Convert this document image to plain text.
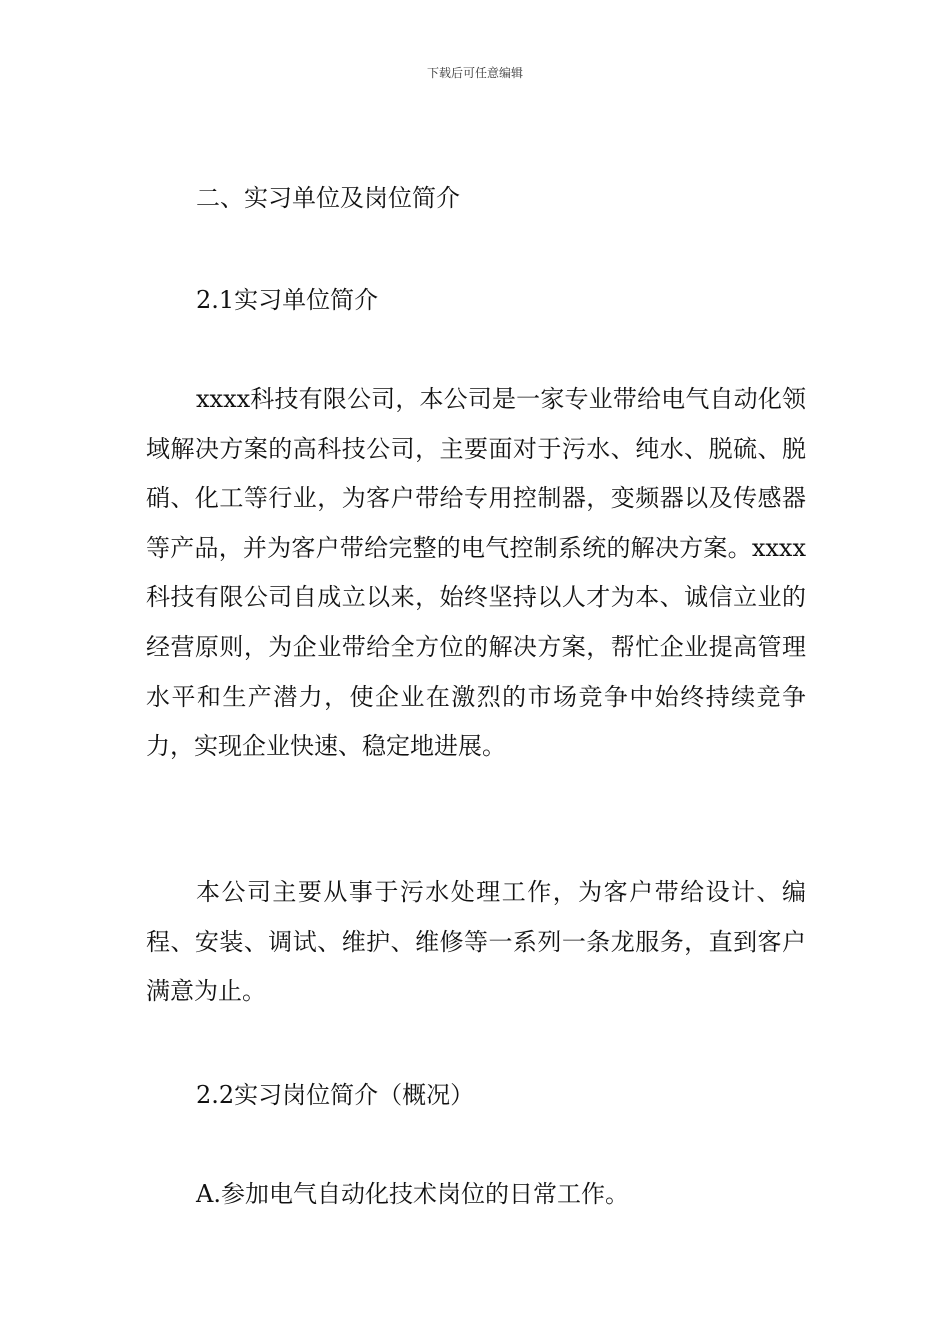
下载后可任意编辑
二、实习单位及岗位简介
2.1实习单位简介
xxxx科技有限公司，本公司是一家专业带给电气自动化领域解决方案的高科技公司，主要面对于污水、纯水、脱硫、脱硝、化工等行业，为客户带给专用控制器，变频器以及传感器等产品，并为客户带给完整的电气控制系统的解决方案。xxxx科技有限公司自成立以来，始终坚持以人才为本、诚信立业的经营原则，为企业带给全方位的解决方案，帮忙企业提高管理水平和生产潜力，使企业在激烈的市场竞争中始终持续竞争力，实现企业快速、稳定地进展。
本公司主要从事于污水处理工作，为客户带给设计、编程、安装、调试、维护、维修等一系列一条龙服务，直到客户满意为止。
2.2实习岗位简介（概况）
A.参加电气自动化技术岗位的日常工作。
